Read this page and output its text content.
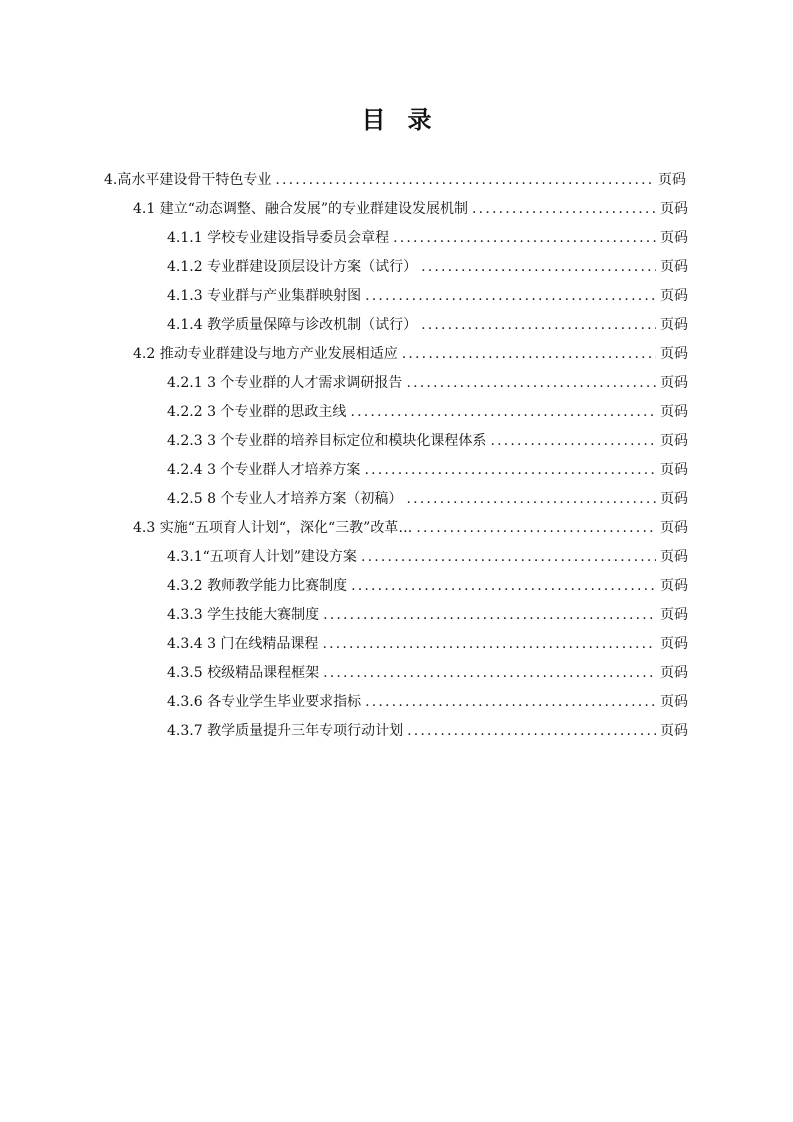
目录
4.高水平建设骨干特色专业 .....	页码
4.1 建立“动态调整、融合发展”的专业群建设发展机制 .....	页码
4.1.1 学校专业建设指导委员会章程 .....	页码
4.1.2 专业群建设顶层设计方案（试行） .....	页码
4.1.3 专业群与产业集群映射图 .....	页码
4.1.4 教学质量保障与诊改机制（试行） .....	页码
4.2 推动专业群建设与地方产业发展相适应 .....	页码
4.2.1 3 个专业群的人才需求调研报告 .....	页码
4.2.2 3 个专业群的思政主线 .....	页码
4.2.3 3 个专业群的培养目标定位和模块化课程体系 .....	页码
4.2.4 3 个专业群人才培养方案 .....	页码
4.2.5 8 个专业人才培养方案（初稿） .....	页码
4.3 实施“五项育人计划“，深化“三教”改革… .....	页码
4.3.1“五项育人计划”建设方案 .....	页码
4.3.2 教师教学能力比赛制度 .....	页码
4.3.3 学生技能大赛制度 .....	页码
4.3.4 3 门在线精品课程 .....	页码
4.3.5 校级精品课程框架 .....	页码
4.3.6 各专业学生毕业要求指标 .....	页码
4.3.7 教学质量提升三年专项行动计划 .....	页码
